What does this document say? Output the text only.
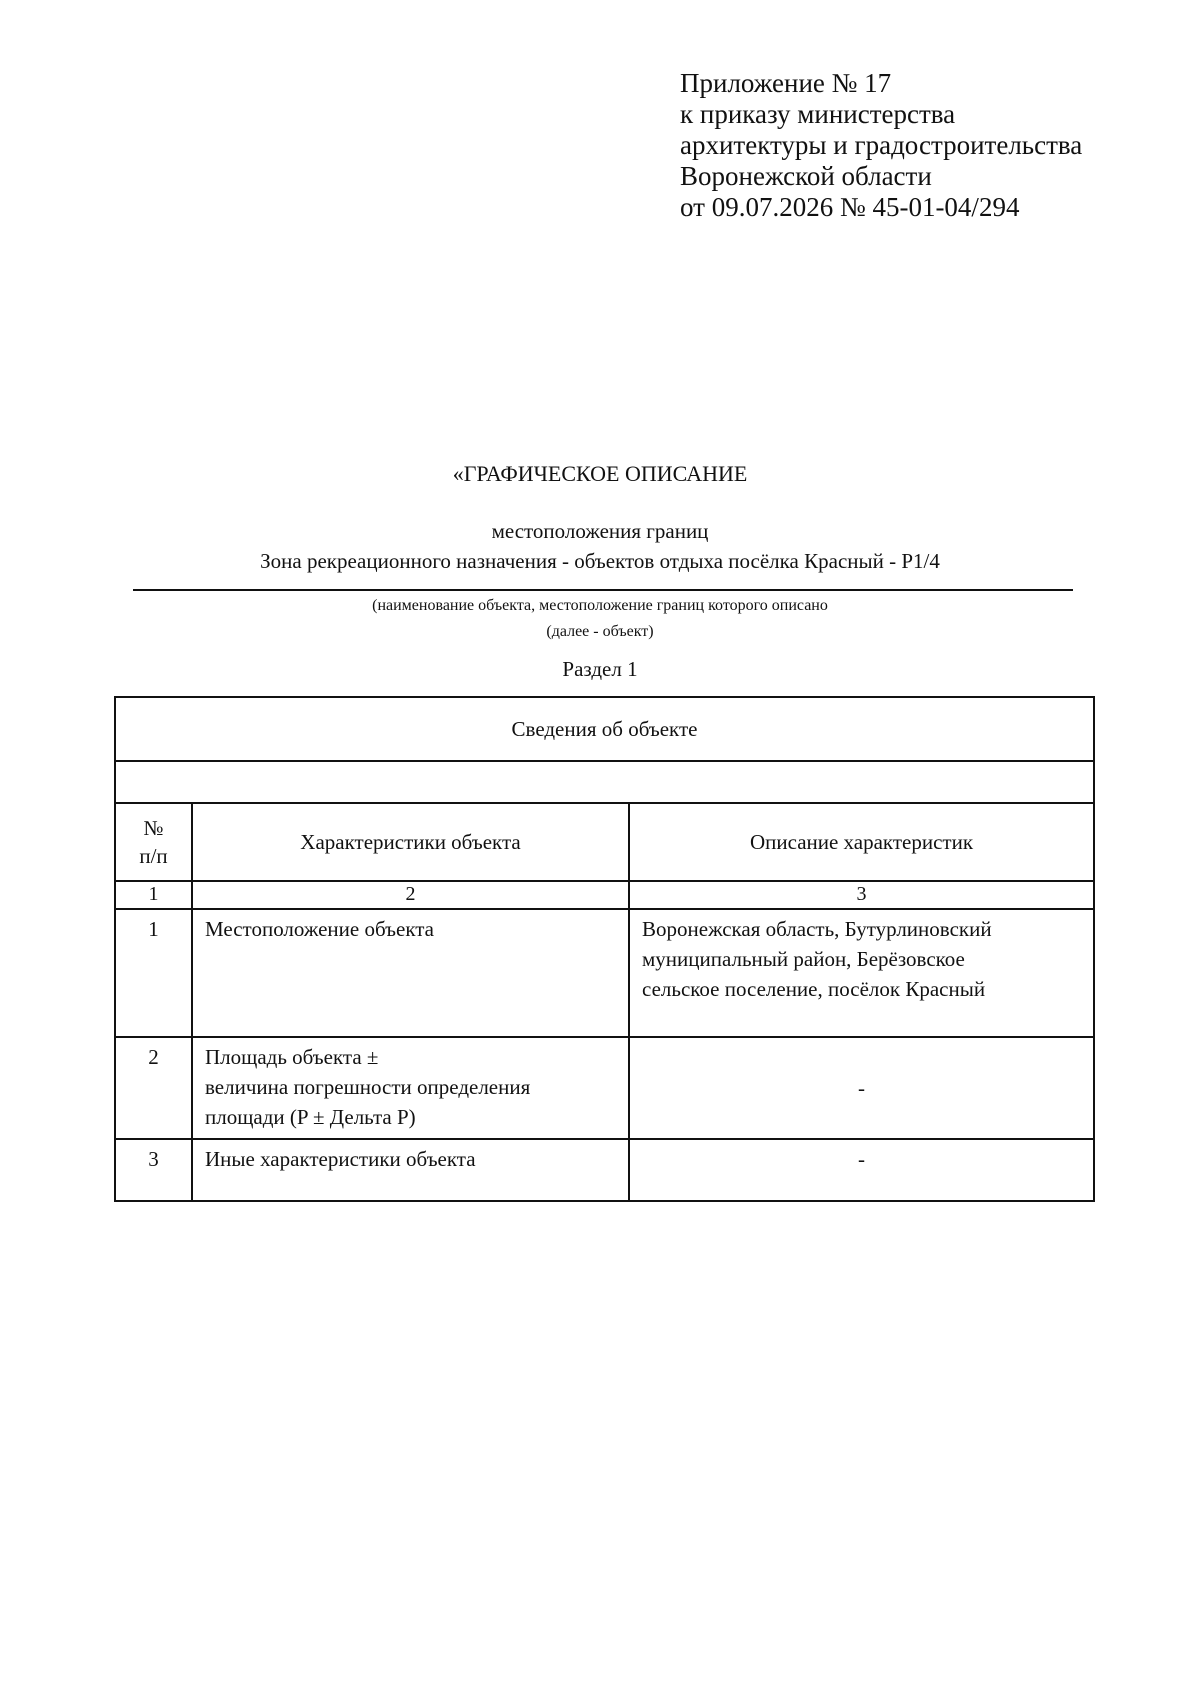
Приложение № 17
к приказу министерства
архитектуры и градостроительства
Воронежской области
от 09.07.2026 № 45-01-04/294
«ГРАФИЧЕСКОЕ ОПИСАНИЕ
местоположения границ
Зона рекреационного назначения - объектов отдыха посёлка Красный - Р1/4
(наименование объекта, местоположение границ которого описано
(далее - объект)
Раздел 1
Сведения об объекте		

№
п/п	Характеристики объекта	Описание характеристик
1	2	3
1	Местоположение объекта	Воронежская область, Бутурлиновский
муниципальный район, Берёзовское
сельское поселение, посёлок Красный

2	Площадь объекта ±
величина погрешности определения
площади (P ± Дельта P)	-
3	Иные характеристики объекта	-
